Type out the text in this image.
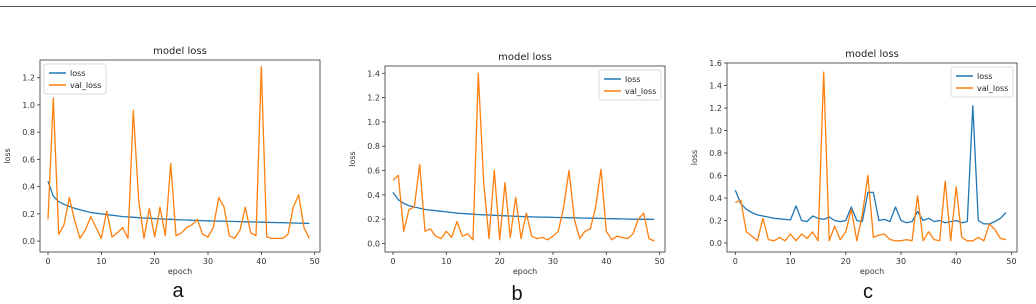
model loss
0	10	20	30	40	50
0.0
0.2
0.4
0.6
0.8
1.0
1.2
epoch
loss
loss
val_loss
a
model loss
0	10	20	30	40	50
0.0
0.2
0.4
0.6
0.8
1.0
1.2
1.4
epoch
loss
loss
val_loss
b
model loss
0	10	20	30	40	50
0.0
0.2
0.4
0.6
0.8
1.0
1.2
1.4
1.6
epoch
loss
loss
val_loss
c
